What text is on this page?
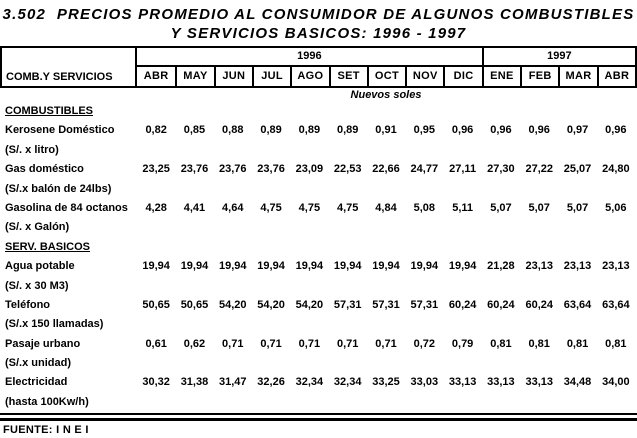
3.502  PRECIOS PROMEDIO AL CONSUMIDOR DE ALGUNOS COMBUSTIBLES
Y SERVICIOS BASICOS: 1996 - 1997
COMB.Y SERVICIOS
1996	1997
ABR	MAY	JUN	JUL	AGO	SET	OCT	NOV	DIC	ENE	FEB	MAR	ABR
Nuevos soles
COMBUSTIBLES
Kerosene Doméstico	0,82	0,85	0,88	0,89	0,89	0,89	0,91	0,95	0,96	0,96	0,96	0,97	0,96
(S/. x litro)
Gas doméstico	23,25 23,76 23,76 23,76 23,09 22,53 22,66 24,77	27,11	27,30 27,22 25,07 24,80
(S/.x balón de 24lbs)
Gasolina de 84 octanos	4,28	4,41	4,64	4,75	4,75	4,75	4,84	5,08	5,11	5,07	5,07	5,07	5,06
(S/. x Galón)
SERV. BASICOS
Agua potable	19,94 19,94 19,94 19,94 19,94 19,94 19,94 19,94 19,94 21,28 23,13 23,13 23,13
(S/. x 30 M3)
Teléfono	50,65 50,65 54,20 54,20 54,20 57,31 57,31 57,31 60,24 60,24 60,24 63,64 63,64
(S/.x 150 llamadas)
Pasaje urbano	0,61	0,62	0,71	0,71	0,71	0,71	0,71	0,72	0,79	0,81	0,81	0,81	0,81
(S/.x unidad)
Electricidad	30,32 31,38 31,47 32,26 32,34 32,34 33,25 33,03 33,13 33,13 33,13 34,48 34,00
(hasta 100Kw/h)
FUENTE: I N E I
